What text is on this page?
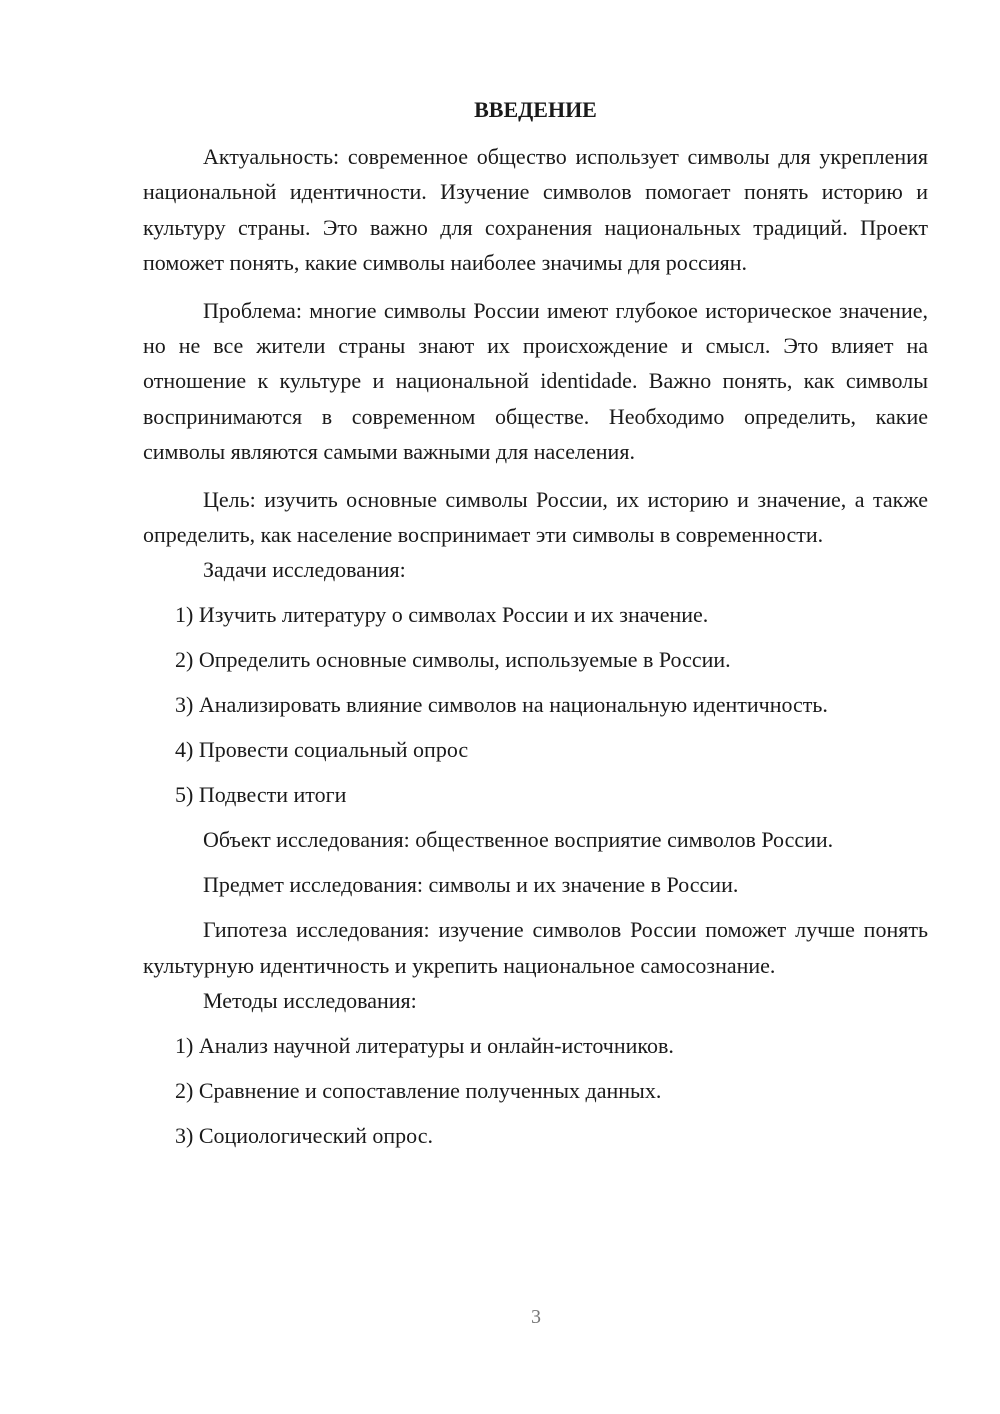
ВВЕДЕНИЕ

Актуальность: современное общество использует символы для укрепления национальной идентичности. Изучение символов помогает понять историю и культуру страны. Это важно для сохранения национальных традиций. Проект поможет понять, какие символы наиболее значимы для россиян.

Проблема: многие символы России имеют глубокое историческое значение, но не все жители страны знают их происхождение и смысл. Это влияет на отношение к культуре и национальной identidade. Важно понять, как символы воспринимаются в современном обществе. Необходимо определить, какие символы являются самыми важными для населения.

Цель: изучить основные символы России, их историю и значение, а также определить, как население воспринимает эти символы в современности.

Задачи исследования:
1) Изучить литературу о символах России и их значение.
2) Определить основные символы, используемые в России.
3) Анализировать влияние символов на национальную идентичность.
4) Провести социальный опрос
5) Подвести итоги
Объект исследования: общественное восприятие символов России.
Предмет исследования: символы и их значение в России.

Гипотеза исследования: изучение символов России поможет лучше понять культурную идентичность и укрепить национальное самосознание.

Методы исследования:
1) Анализ научной литературы и онлайн-источников.
2) Сравнение и сопоставление полученных данных.
3) Социологический опрос.
3
